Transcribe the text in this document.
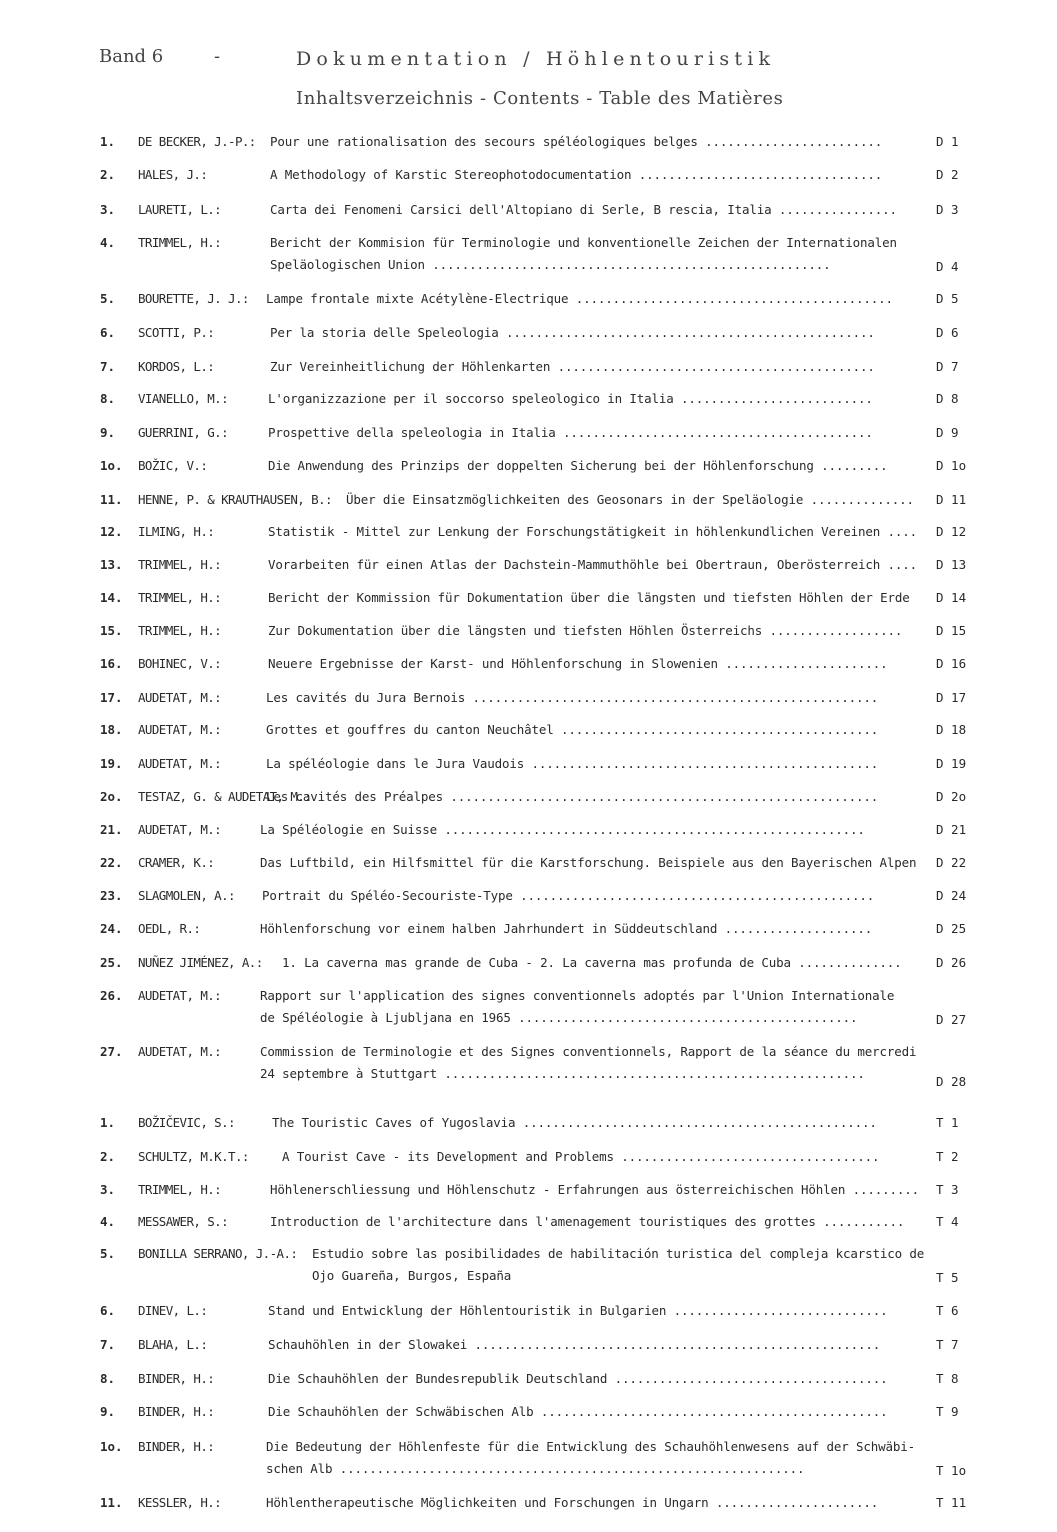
Band 6	-	Dokumentation / Höhlentouristik
Inhaltsverzeichnis - Contents - Table des Matières
1.	DE BECKER, J.-P.: Pour une rationalisation des secours spéléologiques belges ........................	D 1
2.	HALES, J.:	A Methodology of Karstic Stereophotodocumentation .................................	D 2
3.	LAURETI, L.:	Carta dei Fenomeni Carsici dell'Altopiano di Serle, B rescia, Italia ................	D 3
4.	TRIMMEL, H.:	Bericht der Kommision für Terminologie und konventionelle Zeichen der Internationalen
Speläologischen Union ......................................................	D 4
5.	BOURETTE, J. J.: Lampe frontale mixte Acétylène-Electrique ...........................................	D 5
6.	SCOTTI, P.:	Per la storia delle Speleologia ..................................................	D 6
7.	KORDOS, L.:	Zur Vereinheitlichung der Höhlenkarten ...........................................	D 7
8.	VIANELLO, M.:	L'organizzazione per il soccorso speleologico in Italia ..........................	D 8
9.	GUERRINI, G.:	Prospettive della speleologia in Italia ..........................................	D 9
1o.	BOŽIC, V.:	Die Anwendung des Prinzips der doppelten Sicherung bei der Höhlenforschung .........	D 1o
11.	HENNE, P. & KRAUTHAUSEN, B.: Über die Einsatzmöglichkeiten des Geosonars in der Speläologie .............. D 11
12.	ILMING, H.:	Statistik - Mittel zur Lenkung der Forschungstätigkeit in höhlenkundlichen Vereinen .... D 12
13.	TRIMMEL, H.:	Vorarbeiten für einen Atlas der Dachstein-Mammuthöhle bei Obertraun, Oberösterreich .... D 13
14.	TRIMMEL, H.:	Bericht der Kommission für Dokumentation über die längsten und tiefsten Höhlen der Erde D 14
15.	TRIMMEL, H.:	Zur Dokumentation über die längsten und tiefsten Höhlen Österreichs ..................	D 15
16.	BOHINEC, V.:	Neuere Ergebnisse der Karst- und Höhlenforschung in Slowenien ......................	D 16
17.	AUDETAT, M.:	Les cavités du Jura Bernois .......................................................	D 17
18.	AUDETAT, M.:	Grottes et gouffres du canton Neuchâtel ...........................................	D 18
19.	AUDETAT, M.:	La spéléologie dans le Jura Vaudois ...............................................	D 19
2o.	TESTAZ, G. & AUDETAT, M.:
Les cavités des Préalpes ..........................................................	D 2o
21.	AUDETAT, M.:	La Spéléologie en Suisse .........................................................	D 21
22.	CRAMER, K.:	Das Luftbild, ein Hilfsmittel für die Karstforschung. Beispiele aus den Bayerischen Alpen D 22
23.	SLAGMOLEN, A.: Portrait du Spéléo-Secouriste-Type ................................................	D 24
24.	OEDL, R.:	Höhlenforschung vor einem halben Jahrhundert in Süddeutschland ....................	D 25
25.	NUÑEZ JIMÉNEZ, A.: 1. La caverna mas grande de Cuba - 2. La caverna mas profunda de Cuba ..............	D 26
26.	AUDETAT, M.:	Rapport sur l'application des signes conventionnels adoptés par l'Union Internationale
de Spéléologie à Ljubljana en 1965 ..............................................	D 27
27.	AUDETAT, M.:	Commission de Terminologie et des Signes conventionnels, Rapport de la séance du mercredi
24 septembre à Stuttgart .........................................................
D 28
1.	BOŽIČEVIC, S.:	The Touristic Caves of Yugoslavia ................................................	T 1
2.	SCHULTZ, M.K.T.:	A Tourist Cave - its Development and Problems ...................................	T 2
3.	TRIMMEL, H.:	Höhlenerschliessung und Höhlenschutz - Erfahrungen aus österreichischen Höhlen ......... T 3
4.	MESSAWER, S.:	Introduction de l'architecture dans l'amenagement touristiques des grottes ...........	T 4
5.	BONILLA SERRANO, J.-A.: Estudio sobre las posibilidades de habilitación turistica del compleja kcarstico de
Ojo Guareña, Burgos, España	T 5
6.	DINEV, L.:	Stand und Entwicklung der Höhlentouristik in Bulgarien .............................	T 6
7.	BLAHA, L.:	Schauhöhlen in der Slowakei .......................................................	T 7
8.	BINDER, H.:	Die Schauhöhlen der Bundesrepublik Deutschland .....................................	T 8
9.	BINDER, H.:	Die Schauhöhlen der Schwäbischen Alb ...............................................	T 9
1o.	BINDER, H.:	Die Bedeutung der Höhlenfeste für die Entwicklung des Schauhöhlenwesens auf der Schwäbi-
schen Alb ...............................................................	T 1o
11.	KESSLER, H.:	Höhlentherapeutische Möglichkeiten und Forschungen in Ungarn ......................	T 11
